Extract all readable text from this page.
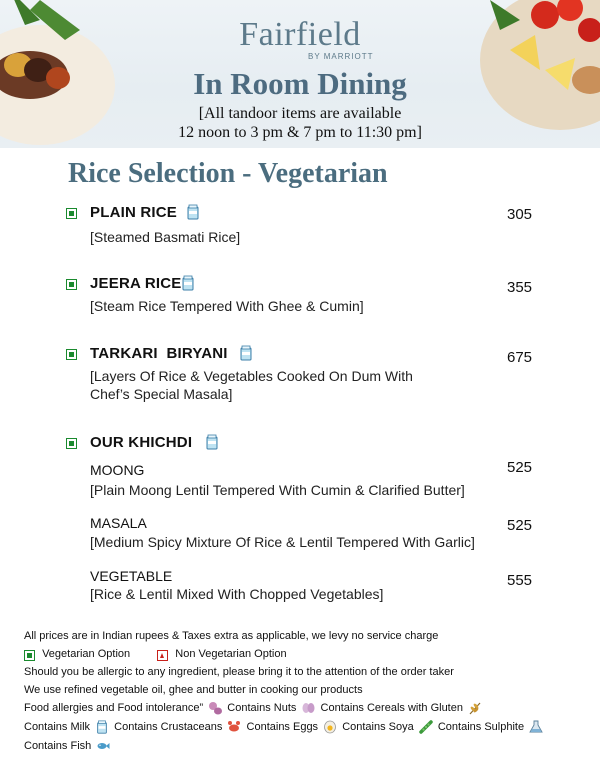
Fairfield
BY MARRIOTT
In Room Dining
[All tandoor items are available
12 noon to 3 pm & 7 pm to 11:30 pm]
Rice Selection - Vegetarian
PLAIN RICE	305
[Steamed Basmati Rice]
JEERA RICE	355
[Steam Rice Tempered With Ghee & Cumin]
TARKARI  BIRYANI	675
[Layers Of Rice & Vegetables Cooked On Dum With
Chef’s Special Masala]
OUR KHICHDI
MOONG	525
[Plain Moong Lentil Tempered With Cumin & Clarified Butter]
MASALA	525
[Medium Spicy Mixture Of Rice & Lentil Tempered With Garlic]
VEGETABLE	555
[Rice & Lentil Mixed With Chopped Vegetables]
All prices are in Indian rupees & Taxes extra as applicable, we levy no service charge
Vegetarian Option	Non Vegetarian Option
Should you be allergic to any ingredient, please bring it to the attention of the order taker
We use refined vegetable oil, ghee and butter in cooking our products
Food allergies and Food intolerance” Contains Nuts Contains Cereals with Gluten
Contains Milk Contains Crustaceans Contains Eggs Contains Soya Contains Sulphite
Contains Fish
